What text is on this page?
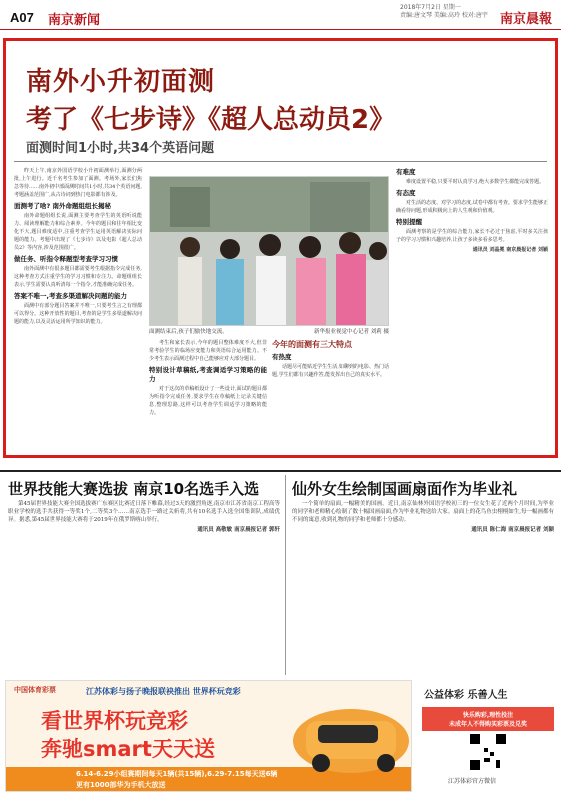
A07 南京新闻
2018年7月2日 星期一
责编:唐文琴 美编:高玲 校对:唐宇 南京晨報
南外小升初面测
考了《七步诗》《超人总动员2》
面测时间1小时,共34个英语问题

昨天上午,南京外国语学校小升初面测举行,面测分两批,上午进行。近千名考生参加了面测。考场外,家长们焦急等待……南外初中部面测时间共1小时,共34个英语问题,考题涵盖范围广,从古诗词到热门电影都有涉及。

面测考了啥? 南外命题组组长揭秘

南外命题组组长说,面测主要考查学生的英语听说能力、阅读理解能力和综合素养。今年的题目和往年相比变化不大,题目难度适中,注重考查学生运用英语解决实际问题的能力。考题中出现了《七步诗》以及电影《超人总动员2》等内容,涉及范围很广。

做任务、听指令释题型考查学习习惯

南外面测中有很多题目都需要考生根据指令完成任务,这种考查方式注重学生的学习习惯和专注力。命题组组长表示,学生需要认真听清每一个指令,才能准确完成任务。

答案不唯一,考查多渠道解决问题的能力

面测中有部分题目答案并不唯一,只要考生言之有理都可以得分。这种开放性的题目,考查的是学生多渠道解决问题的能力,以及灵活运用所学知识的能力。

面测结束后,孩子们愉快地交流。	新华报业视觉中心记者 刘莉 摄

考生和家长表示,今年的题目整体难度不大,但非常考验学生的临场应变能力和英语综合运用能力。不少考生表示面测过程中自己能够应对大部分题目。

特别设计草稿纸,考查调适学习策略的能力

对于这次的草稿纸设计了一些设计,面试的题目都为听指令完成任务,要求学生在草稿纸上记录关键信息,整理思路,这样可以考查学生调适学习策略的能力。

今年的面测有三大特点

有热度

话题尽可能贴近学生生活,如聊到的电影、热门话题,学生们都有兴趣作答,能发挥出自己的真实水平。

有难度

难度设置平稳,只要平时认真学习,绝大多数学生都能完成答题。

有态度

对生活的态度、对学习的态度,试卷中都有考查。要求学生能够正确看待问题,形成积极向上的人生观和价值观。

特别提醒

面测考察的是学生的综合能力,家长不必过于焦虑,平时多关注孩子的学习习惯和兴趣培养,让孩子多读多看多思考。

通讯员 刘晶冕 南京晨报记者 刘颖

世界技能大赛选拔 南京10名选手入选

第45届世界技能大赛全国选拔赛广东赛区比赛近日落下帷幕,经过3天的激烈角逐,南京市江苏省南京工程高等职业学校的选手共获得一等奖1个,二等奖3个……南京选手一路过关斩将,共有10名选手入选全国集训队,成绩优异。据悉,第45届世界技能大赛将于2019年在俄罗斯喀山举行。

通讯员 高敬敏 南京晨报记者 郭轩

仙外女生绘制国画扇面作为毕业礼

一个简单的扇面,一幅精美的国画。近日,南京仙林外国语学校初三的一位女生花了近两个月时间,为毕业的同学和老师精心绘制了数十幅国画扇面,作为毕业礼物送给大家。扇面上的花鸟鱼虫栩栩如生,每一幅画都有不同的寓意,收到礼物的同学和老师都十分感动。

通讯员 陈仁海 南京晨报记者 刘颖

中国体育彩票	江苏体彩与扬子晚报联袂推出 世界杯玩竞彩
看世界杯玩竞彩
奔驰smart天天送
6.14-6.29小组赛期间每天1辆(共15辆),6.29-7.15每天送6辆
更有1000部华为手机大放送
公益体彩 乐善人生
快乐购彩,理性投注
未成年人不得购买彩票及兑奖
江苏体彩官方微信
